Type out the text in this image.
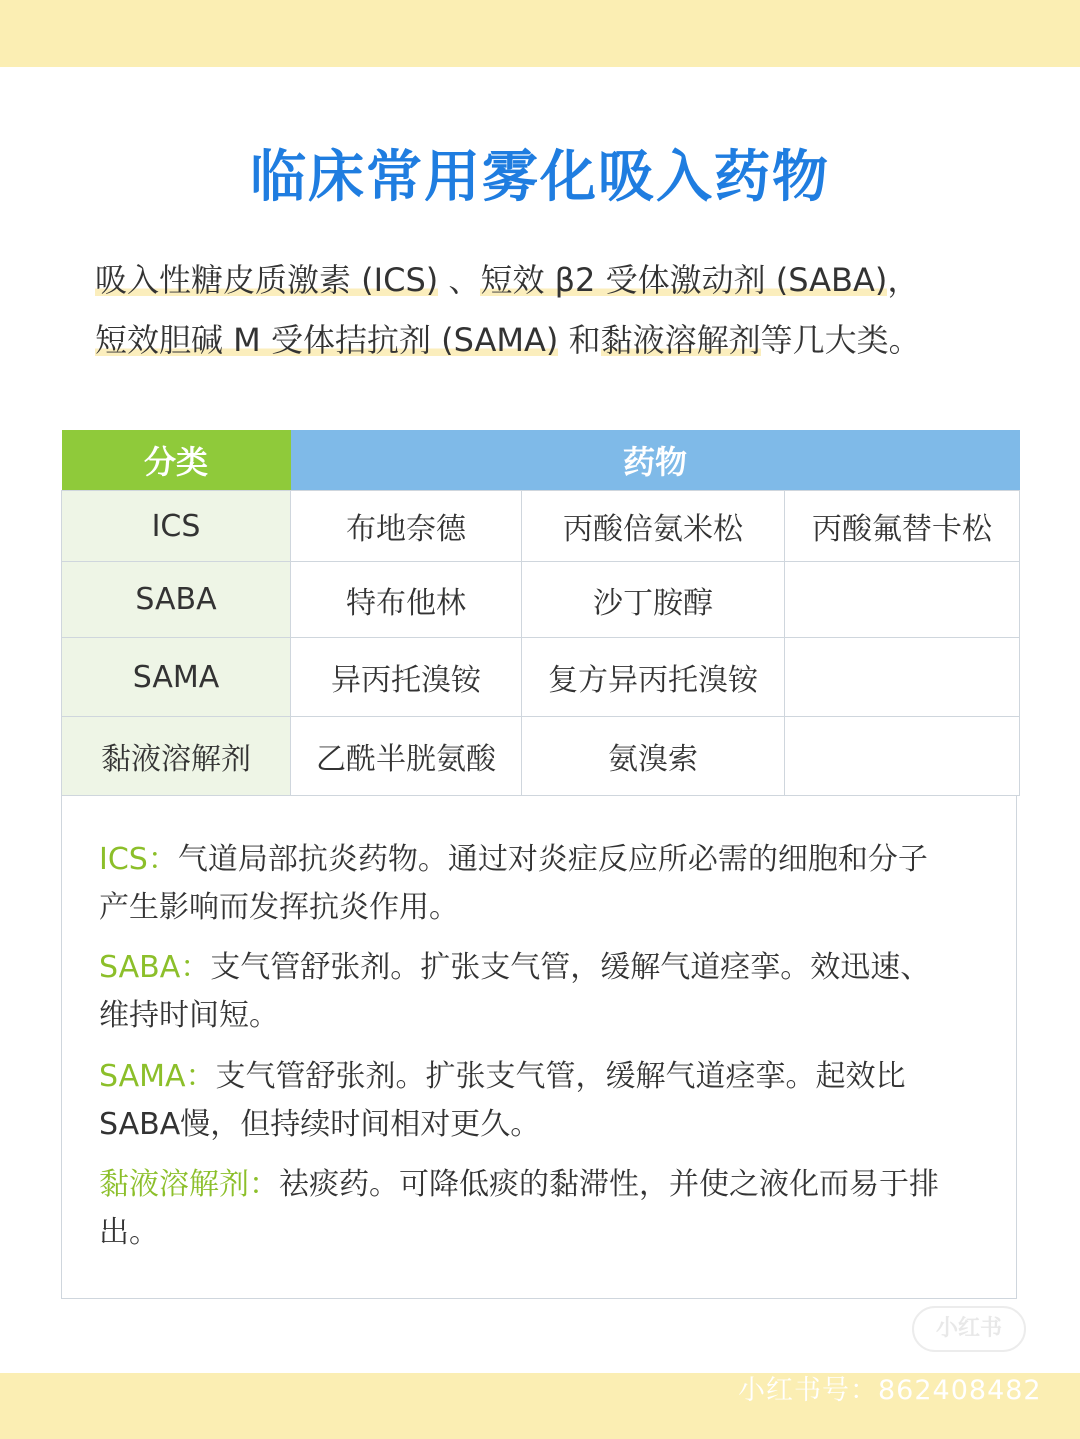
临床常用雾化吸入药物
吸入性糖皮质激素 (ICS) 、短效 β2 受体激动剂 (SABA)，
短效胆碱 M 受体拮抗剂 (SAMA) 和黏液溶解剂等几大类。
分类	药物		
ICS	布地奈德	丙酸倍氨米松	丙酸氟替卡松
SABA	特布他林	沙丁胺醇	
SAMA	异丙托溴铵	复方异丙托溴铵	
黏液溶解剂	乙酰半胱氨酸	氨溴索	
ICS：气道局部抗炎药物。通过对炎症反应所必需的细胞和分子
产生影响而发挥抗炎作用。
SABA：支气管舒张剂。扩张支气管，缓解气道痉挛。效迅速、
维持时间短。
SAMA：支气管舒张剂。扩张支气管，缓解气道痉挛。起效比
SABA慢，但持续时间相对更久。
黏液溶解剂：祛痰药。可降低痰的黏滞性，并使之液化而易于排
出。
小红书
小红书号：862408482
